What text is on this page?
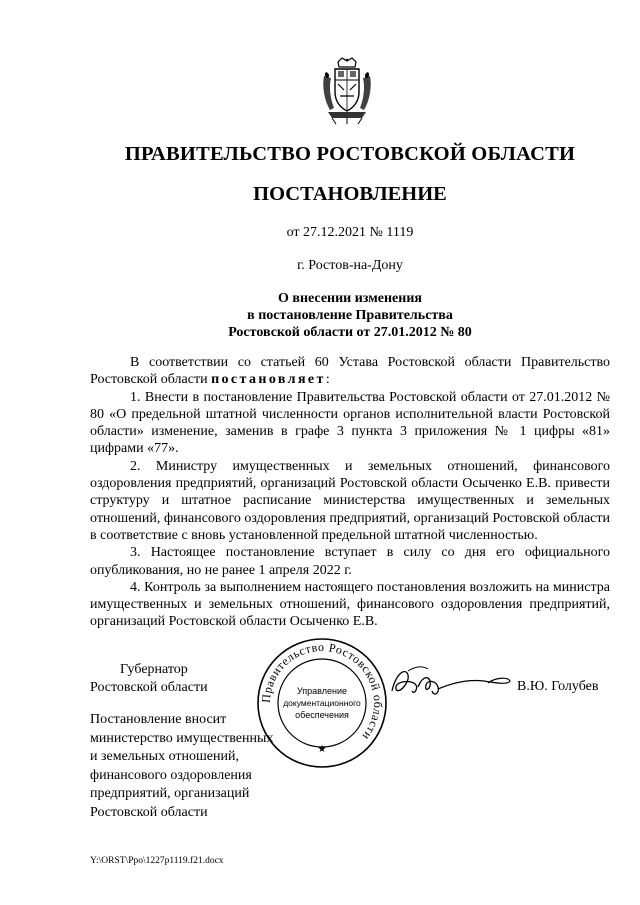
ПРАВИТЕЛЬСТВО РОСТОВСКОЙ ОБЛАСТИ
ПОСТАНОВЛЕНИЕ
от 27.12.2021 № 1119
г. Ростов-на-Дону
О внесении изменения
в постановление Правительства
Ростовской области от 27.01.2012 № 80

В соответствии со статьей 60 Устава Ростовской области Правительство Ростовской области постановляет:

1. Внести в постановление Правительства Ростовской области от 27.01.2012 № 80 «О предельной штатной численности органов исполнительной власти Ростовской области» изменение, заменив в графе 3 пункта 3 приложения № 1 цифры «81» цифрами «77».

2. Министру имущественных и земельных отношений, финансового оздоровления предприятий, организаций Ростовской области Осыченко Е.В. привести структуру и штатное расписание министерства имущественных и земельных отношений, финансового оздоровления предприятий, организаций Ростовской области в соответствие с вновь установленной предельной штатной численностью.

3. Настоящее постановление вступает в силу со дня его официального опубликования, но не ранее 1 апреля 2022 г.

4. Контроль за выполнением настоящего постановления возложить на министра имущественных и земельных отношений, финансового оздоровления предприятий, организаций Ростовской области Осыченко Е.В.

Губернатор
Ростовской области	В.Ю. Голубев
Правительство Ростовской области
Управление
документационного
обеспечения
★
Постановление вносит
министерство имущественных
и земельных отношений,
финансового оздоровления
предприятий, организаций
Ростовской области
Y:\ORST\Ppo\1227p1119.f21.docx
